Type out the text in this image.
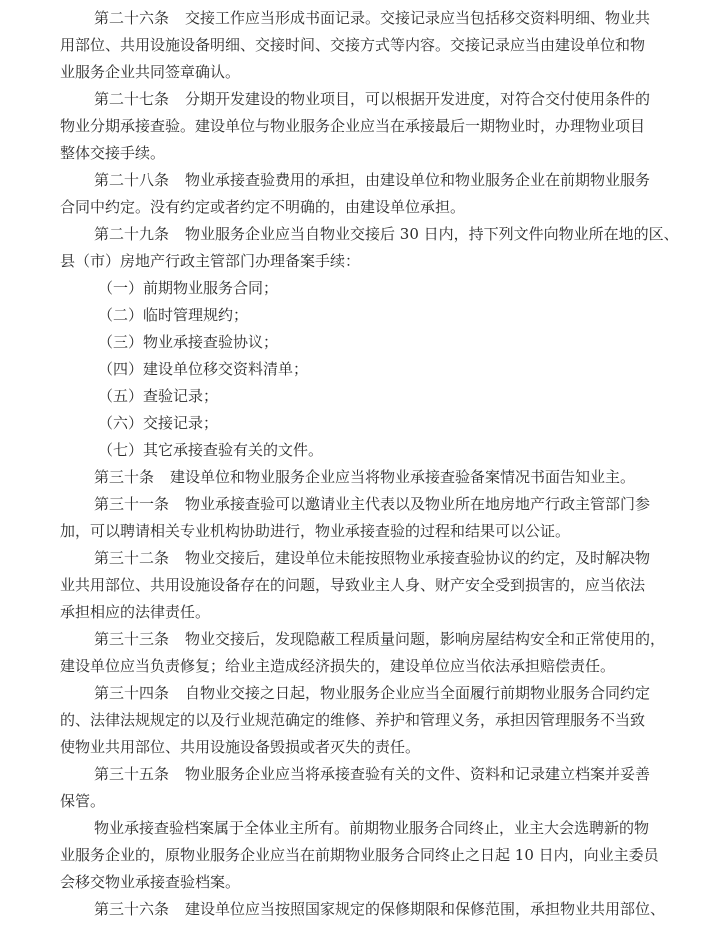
第二十六条 交接工作应当形成书面记录。交接记录应当包括移交资料明细、物业共
用部位、共用设施设备明细、交接时间、交接方式等内容。交接记录应当由建设单位和物
业服务企业共同签章确认。
第二十七条 分期开发建设的物业项目，可以根据开发进度，对符合交付使用条件的
物业分期承接查验。建设单位与物业服务企业应当在承接最后一期物业时，办理物业项目
整体交接手续。
第二十八条 物业承接查验费用的承担，由建设单位和物业服务企业在前期物业服务
合同中约定。没有约定或者约定不明确的，由建设单位承担。
第二十九条 物业服务企业应当自物业交接后 30 日内，持下列文件向物业所在地的区、
县（市）房地产行政主管部门办理备案手续：
（一）前期物业服务合同；
（二）临时管理规约；
（三）物业承接查验协议；
（四）建设单位移交资料清单；
（五）查验记录；
（六）交接记录；
（七）其它承接查验有关的文件。
第三十条 建设单位和物业服务企业应当将物业承接查验备案情况书面告知业主。
第三十一条 物业承接查验可以邀请业主代表以及物业所在地房地产行政主管部门参
加，可以聘请相关专业机构协助进行，物业承接查验的过程和结果可以公证。
第三十二条 物业交接后，建设单位未能按照物业承接查验协议的约定，及时解决物
业共用部位、共用设施设备存在的问题，导致业主人身、财产安全受到损害的，应当依法
承担相应的法律责任。
第三十三条 物业交接后，发现隐蔽工程质量问题，影响房屋结构安全和正常使用的，
建设单位应当负责修复；给业主造成经济损失的，建设单位应当依法承担赔偿责任。
第三十四条 自物业交接之日起，物业服务企业应当全面履行前期物业服务合同约定
的、法律法规规定的以及行业规范确定的维修、养护和管理义务，承担因管理服务不当致
使物业共用部位、共用设施设备毁损或者灭失的责任。
第三十五条 物业服务企业应当将承接查验有关的文件、资料和记录建立档案并妥善
保管。
物业承接查验档案属于全体业主所有。前期物业服务合同终止，业主大会选聘新的物
业服务企业的，原物业服务企业应当在前期物业服务合同终止之日起 10 日内，向业主委员
会移交物业承接查验档案。
第三十六条 建设单位应当按照国家规定的保修期限和保修范围，承担物业共用部位、
